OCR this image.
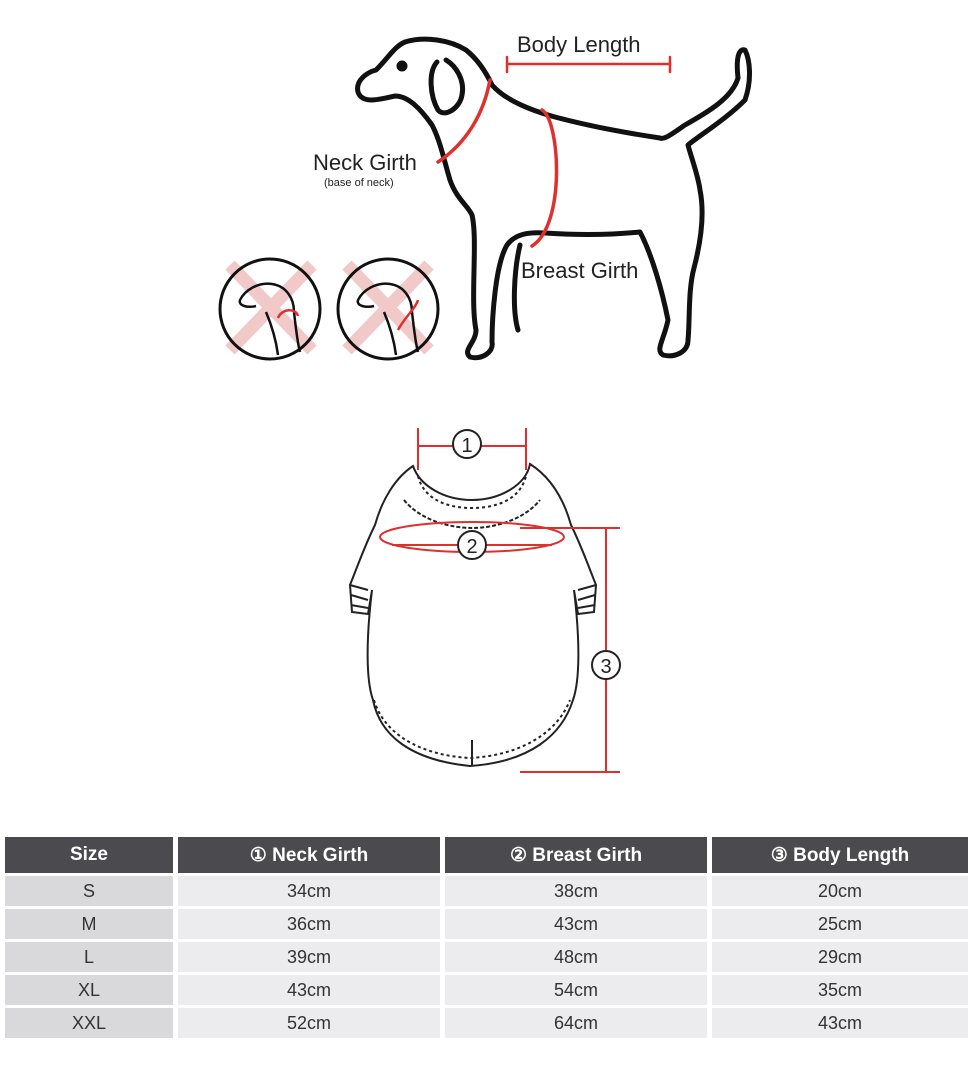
Body Length
Neck Girth
(base of neck)
Breast Girth
1
2
3
Size	① Neck Girth	② Breast Girth	③ Body Length
S	34cm	38cm	20cm
M	36cm	43cm	25cm
L	39cm	48cm	29cm
XL	43cm	54cm	35cm
XXL	52cm	64cm	43cm
